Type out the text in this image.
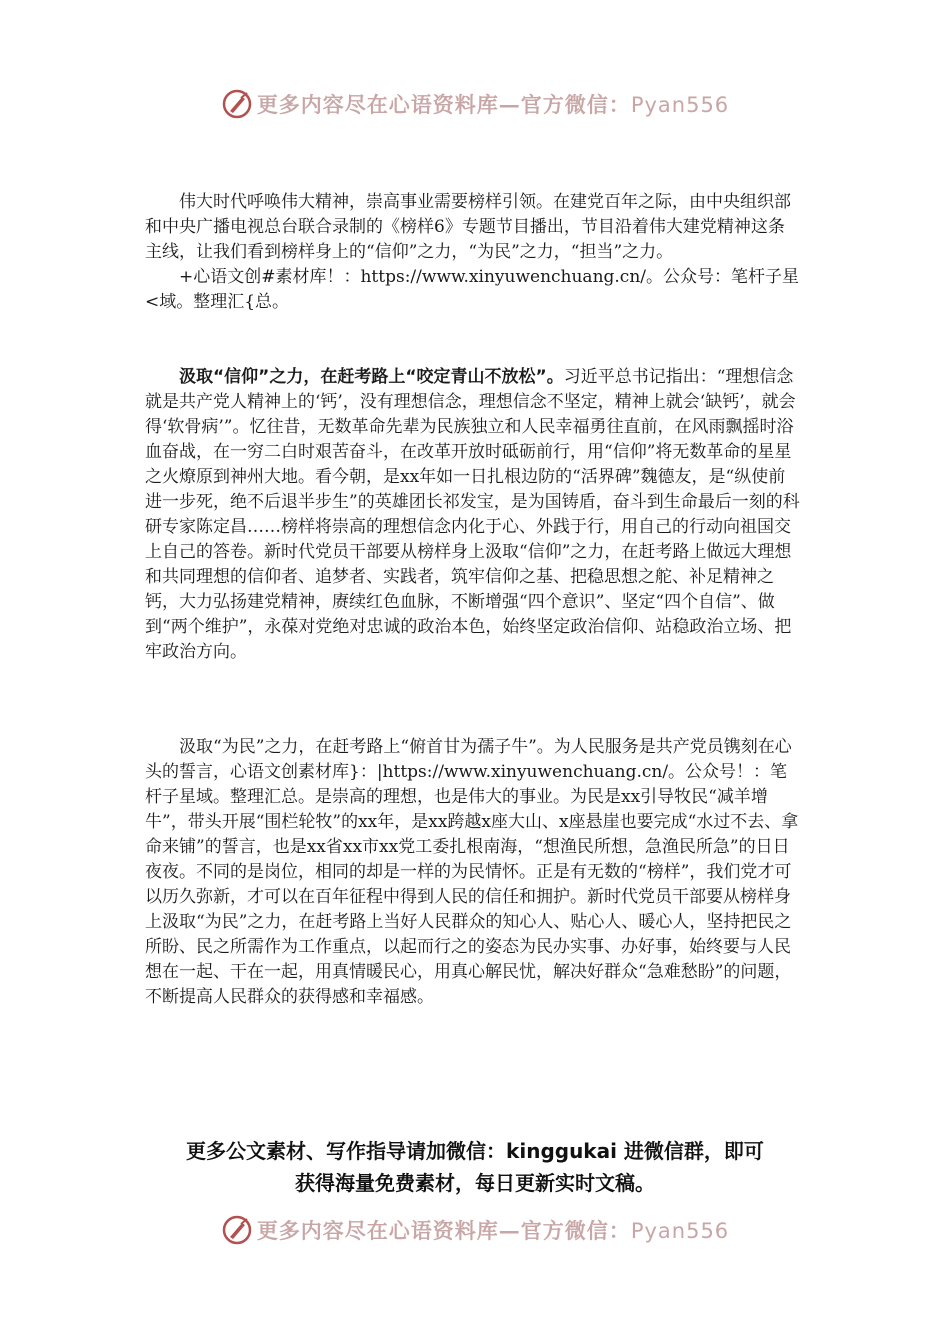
更多内容尽在心语资料库—官方微信：Pyan556

伟大时代呼唤伟大精神，崇高事业需要榜样引领。在建党百年之际，由中央组织部和中央广播电视总台联合录制的《榜样6》专题节目播出，节目沿着伟大建党精神这条主线，让我们看到榜样身上的“信仰”之力，“为民”之力，“担当”之力。

+心语文创#素材库！：https://www.xinyuwenchuang.cn/。公众号：笔杆子星<域。整理汇{总。

汲取“信仰”之力，在赶考路上“咬定青山不放松”。习近平总书记指出：“理想信念就是共产党人精神上的‘钙’，没有理想信念，理想信念不坚定，精神上就会‘缺钙’，就会得‘软骨病’”。忆往昔，无数革命先辈为民族独立和人民幸福勇往直前，在风雨飘摇时浴血奋战，在一穷二白时艰苦奋斗，在改革开放时砥砺前行，用“信仰”将无数革命的星星之火燎原到神州大地。看今朝，是xx年如一日扎根边防的“活界碑”魏德友，是“纵使前进一步死，绝不后退半步生”的英雄团长祁发宝，是为国铸盾，奋斗到生命最后一刻的科研专家陈定昌……榜样将崇高的理想信念内化于心、外践于行，用自己的行动向祖国交上自己的答卷。新时代党员干部要从榜样身上汲取“信仰”之力，在赶考路上做远大理想和共同理想的信仰者、追梦者、实践者，筑牢信仰之基、把稳思想之舵、补足精神之钙，大力弘扬建党精神，赓续红色血脉，不断增强“四个意识”、坚定“四个自信”、做到“两个维护”，永葆对党绝对忠诚的政治本色，始终坚定政治信仰、站稳政治立场、把牢政治方向。

汲取“为民”之力，在赶考路上“俯首甘为孺子牛”。为人民服务是共产党员镌刻在心头的誓言，心语文创素材库}：|https://www.xinyuwenchuang.cn/。公众号！：笔杆子星域。整理汇总。是崇高的理想，也是伟大的事业。为民是xx引导牧民“减羊增牛”，带头开展“围栏轮牧”的xx年，是xx跨越x座大山、x座悬崖也要完成“水过不去、拿命来铺”的誓言，也是xx省xx市xx党工委扎根南海，“想渔民所想，急渔民所急”的日日夜夜。不同的是岗位，相同的却是一样的为民情怀。正是有无数的“榜样”，我们党才可以历久弥新，才可以在百年征程中得到人民的信任和拥护。新时代党员干部要从榜样身上汲取“为民”之力，在赶考路上当好人民群众的知心人、贴心人、暖心人，坚持把民之所盼、民之所需作为工作重点，以起而行之的姿态为民办实事、办好事，始终要与人民想在一起、干在一起，用真情暖民心，用真心解民忧，解决好群众“急难愁盼”的问题，不断提高人民群众的获得感和幸福感。

更多公文素材、写作指导请加微信：kinggukai 进微信群，即可
获得海量免费素材，每日更新实时文稿。
更多内容尽在心语资料库—官方微信：Pyan556
